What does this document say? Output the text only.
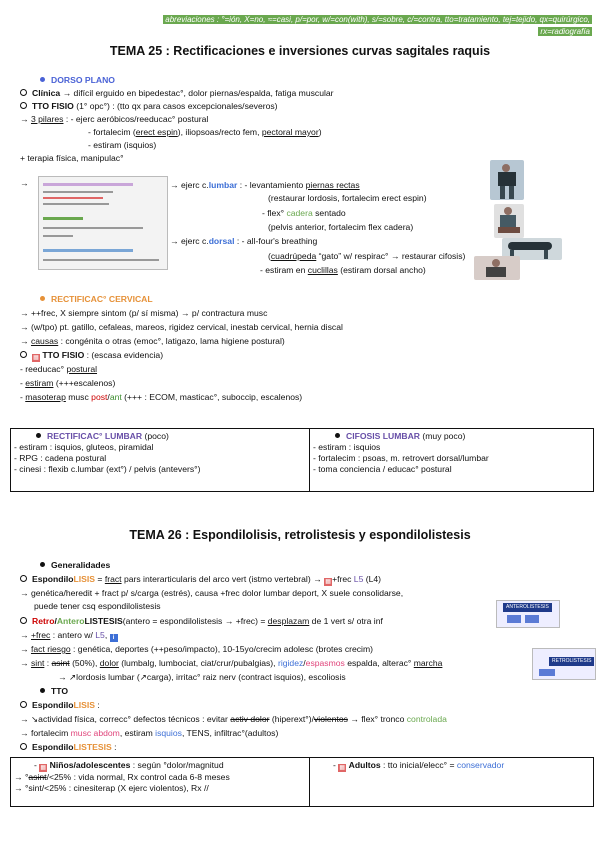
abreviaciones : °=ión, X=no, ≈=casi, p/=por, w/=con(with), s/=sobre, c/=contra, tto=tratamiento, tej=tejido, qx=quirúrgico,
rx=radiografía
TEMA 25 : Rectificaciones e inversiones curvas sagitales raquis
DORSO PLANO
Clínica → difícil erguido en bipedestac°, dolor piernas/espalda, fatiga muscular
TTO FISIO (1° opc°) : (tto qx para casos excepcionales/severos)
→ 3 pilares : - ejerc aeróbicos/reeducac° postural
- fortalecim (erect espin), iliopsoas/recto fem, pectoral mayor)
- estiram (isquios)
+ terapia física, manipulac°
→	→ ejerc c.lumbar : - levantamiento piernas rectas
(restaurar lordosis, fortalecim erect espin)
- flex° cadera sentado
(pelvis anterior, fortalecim flex cadera)
→ ejerc c.dorsal : - all-four's breathing
(cuadrúpeda “gato” w/ respirac° → restaurar cifosis)
- estiram en cuclillas (estiram dorsal ancho)
RECTIFICAC° CERVICAL
→ ++frec, X siempre sintom (p/ sí misma) → p/ contractura musc
→ (w/tpo) pt. gatillo, cefaleas, mareos, rigidez cervical, inestab cervical, hernia discal
→ causas : congénita o otras (emoc°, latigazo, lama higiene postural)
▦ TTO FISIO : (escasa evidencia)
- reeducac° postural
- estiram (+++escalenos)
- masoterap musc post/ant (+++ : ECOM, masticac°, suboccip, escalenos)
RECTIFICAC° LUMBAR (poco)
- estiram : isquios, gluteos, piramidal
- RPG : cadena postural
- cinesi : flexib c.lumbar (ext°) / pelvis (antevers°)

CIFOSIS LUMBAR (muy poco)
- estiram : isquios
- fortalecim : psoas, m. retrovert dorsal/lumbar
- toma conciencia / educac° postural
TEMA 26 : Espondilolisis, retrolistesis y espondilolistesis
Generalidades
EspondiloLISIS = fract pars interarticularis del arco vert (istmo vertebral) → ▦+frec L5 (L4)
→ genética/heredit + fract p/ s/carga (estrés), causa +frec dolor lumbar deport, X suele consolidarse,
puede tener csq espondilolistesis
Retro/AnteroLISTESIS(antero = espondilolistesis → +frec) = desplazam de 1 vert s/ otra inf
→ +frec : antero w/ L5, i
→ fact riesgo : genética, deportes (++peso/impacto), 10-15yo/crecim adolesc (brotes crecim)
→ sint : asint (50%), dolor (lumbalg, lumbociat, ciat/crur/pubalgias), rigidez/espasmos espalda, alterac° marcha
→ ↗lordosis lumbar (↗carga), irritac° raiz nerv (contract isquios), escoliosis
ANTEROLISTESIS
RETROLISTESIS
TTO
EspondiloLISIS :
→ ↘actividad física, correcc° defectos técnicos : evitar activ dolor (hiperext°)/violentos → flex° tronco controlada
→ fortalecim musc abdom, estiram isquios, TENS, infiltrac°(adultos)
EspondiloLISTESIS :
- ▦ Niños/adolescentes : según °dolor/magnitud
→ °asint/<25% : vida normal, Rx control cada 6-8 meses
→ °sint/<25% : cinesiterap (X ejerc violentos), Rx //

- ▦ Adultos : tto inicial/elecc° = conservador
